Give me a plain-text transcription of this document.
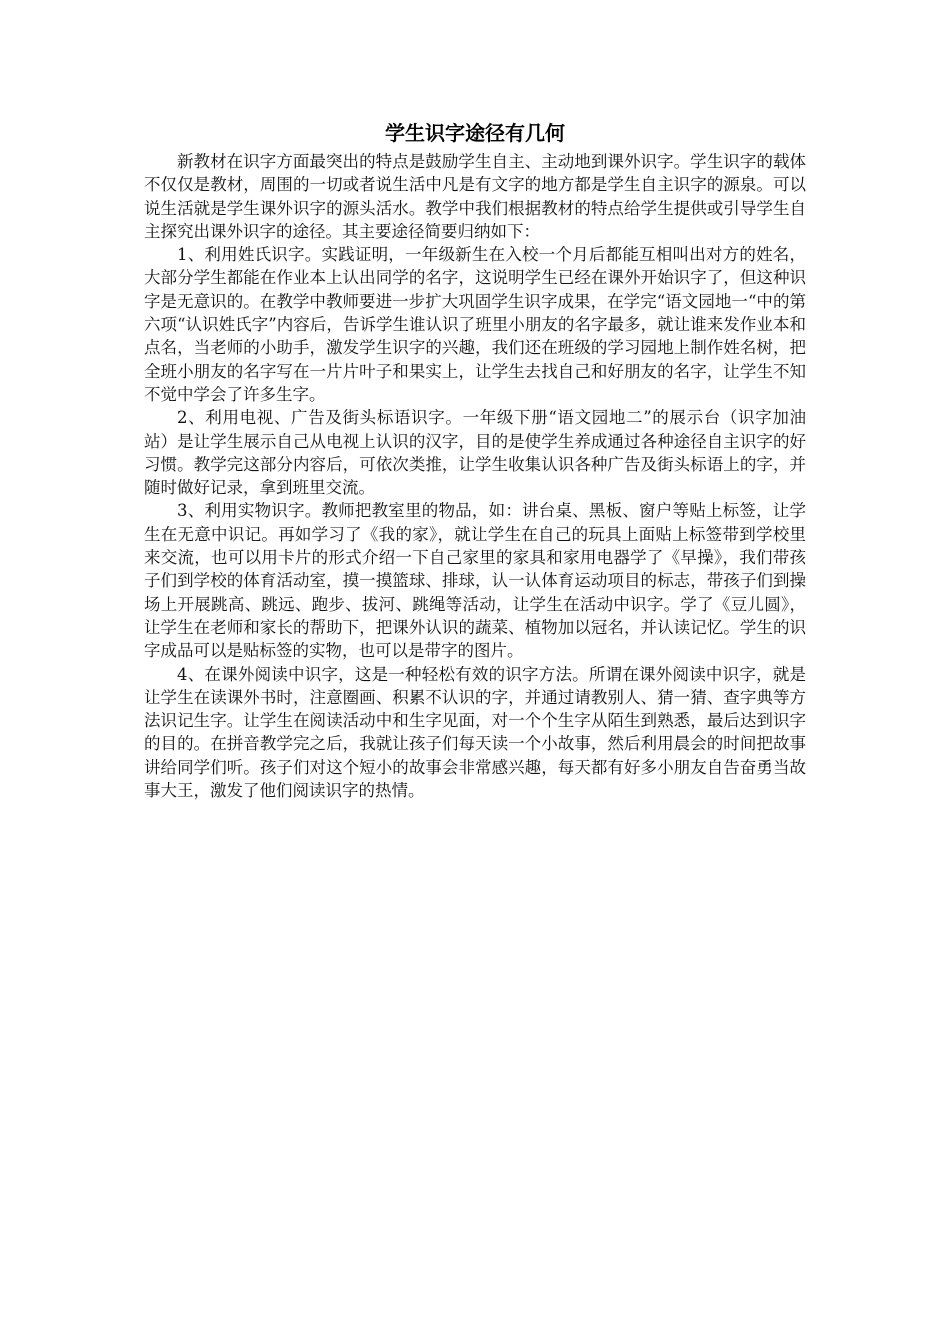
学生识字途径有几何

新教材在识字方面最突出的特点是鼓励学生自主、主动地到课外识字。学生识字的载体不仅仅是教材，周围的一切或者说生活中凡是有文字的地方都是学生自主识字的源泉。可以说生活就是学生课外识字的源头活水。教学中我们根据教材的特点给学生提供或引导学生自主探究出课外识字的途径。其主要途径简要归纳如下：

1、利用姓氏识字。实践证明，一年级新生在入校一个月后都能互相叫出对方的姓名，大部分学生都能在作业本上认出同学的名字，这说明学生已经在课外开始识字了，但这种识字是无意识的。在教学中教师要进一步扩大巩固学生识字成果，在学完“语文园地一“中的第六项“认识姓氏字”内容后，告诉学生谁认识了班里小朋友的名字最多，就让谁来发作业本和点名，当老师的小助手，激发学生识字的兴趣，我们还在班级的学习园地上制作姓名树，把全班小朋友的名字写在一片片叶子和果实上，让学生去找自己和好朋友的名字，让学生不知不觉中学会了许多生字。

2、利用电视、广告及街头标语识字。一年级下册“语文园地二”的展示台（识字加油站）是让学生展示自己从电视上认识的汉字，目的是使学生养成通过各种途径自主识字的好习惯。教学完这部分内容后，可依次类推，让学生收集认识各种广告及街头标语上的字，并随时做好记录，拿到班里交流。

3、利用实物识字。教师把教室里的物品，如：讲台桌、黑板、窗户等贴上标签，让学生在无意中识记。再如学习了《我的家》，就让学生在自己的玩具上面贴上标签带到学校里来交流，也可以用卡片的形式介绍一下自己家里的家具和家用电器学了《早操》，我们带孩子们到学校的体育活动室，摸一摸篮球、排球，认一认体育运动项目的标志，带孩子们到操场上开展跳高、跳远、跑步、拔河、跳绳等活动，让学生在活动中识字。学了《豆儿圆》，让学生在老师和家长的帮助下，把课外认识的蔬菜、植物加以冠名，并认读记忆。学生的识字成品可以是贴标签的实物，也可以是带字的图片。

4、在课外阅读中识字，这是一种轻松有效的识字方法。所谓在课外阅读中识字，就是让学生在读课外书时，注意圈画、积累不认识的字，并通过请教别人、猜一猜、查字典等方法识记生字。让学生在阅读活动中和生字见面，对一个个生字从陌生到熟悉，最后达到识字的目的。在拼音教学完之后，我就让孩子们每天读一个小故事，然后利用晨会的时间把故事讲给同学们听。孩子们对这个短小的故事会非常感兴趣，每天都有好多小朋友自告奋勇当故事大王，激发了他们阅读识字的热情。
